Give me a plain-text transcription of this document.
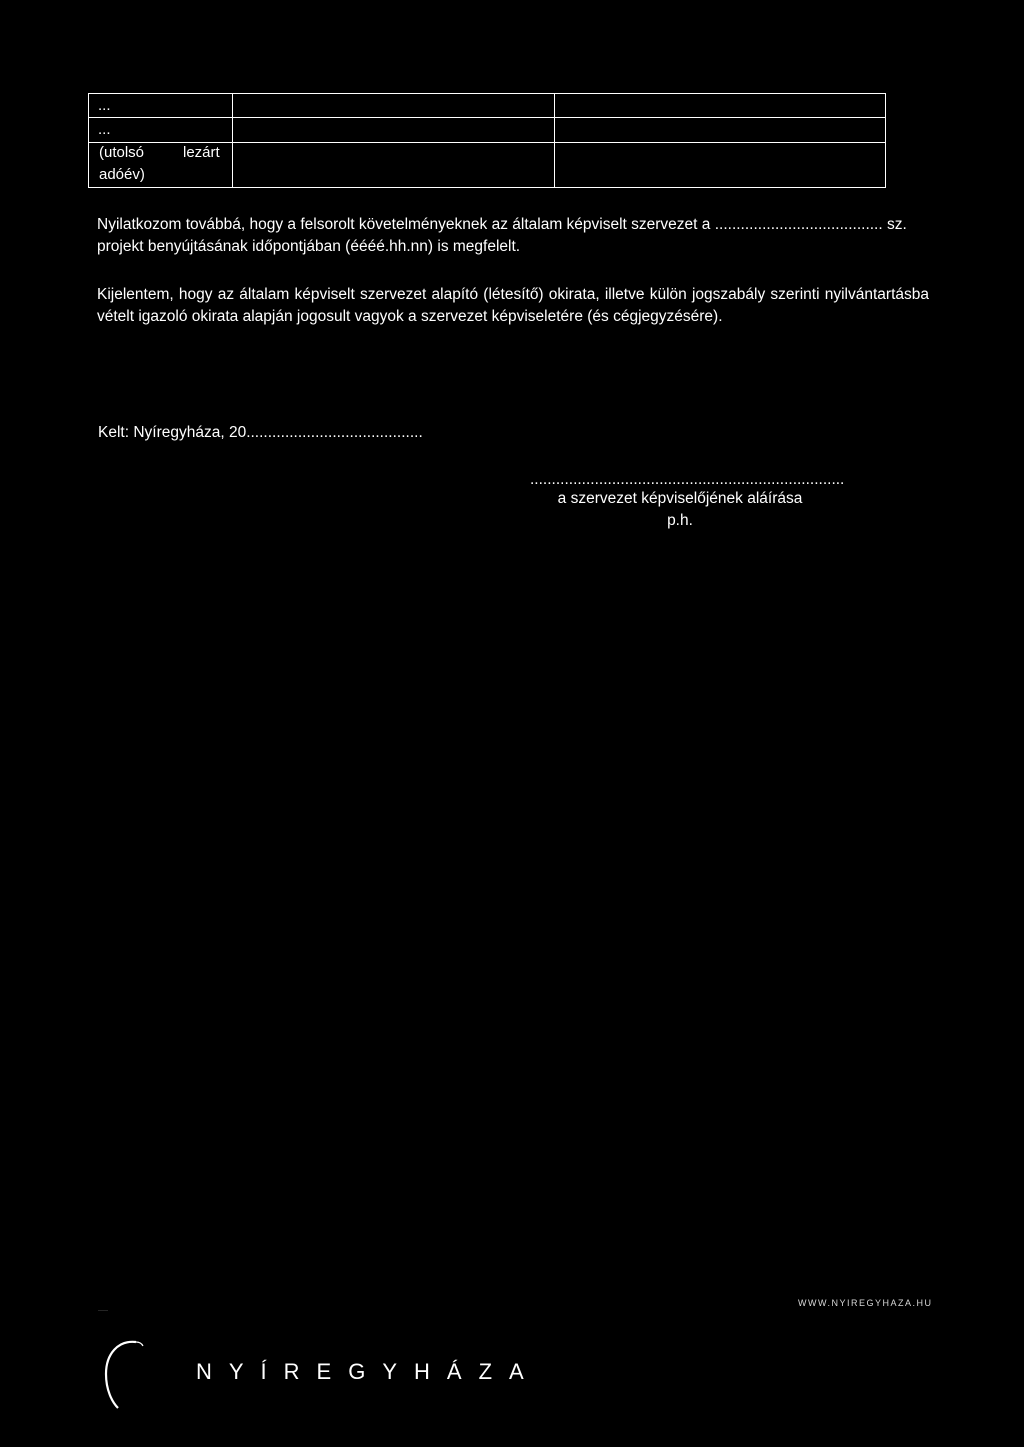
...
...
(utolsó	lezárt
adóév)
Nyilatkozom továbbá, hogy a felsorolt követelményeknek az általam képviselt szervezet a ....................................... sz. projekt benyújtásának időpontjában (éééé.hh.nn) is megfelelt.
Kijelentem, hogy az általam képviselt szervezet alapító (létesítő) okirata, illetve külön jogszabály szerinti nyilvántartásba vételt igazoló okirata alapján jogosult vagyok a szervezet képviseletére (és cégjegyzésére).
Kelt: Nyíregyháza, 20.........................................
.........................................................................
a szervezet képviselőjének aláírása
p.h.
·····
WWW.NYIREGYHAZA.HU
NYÍREGYHÁZA
